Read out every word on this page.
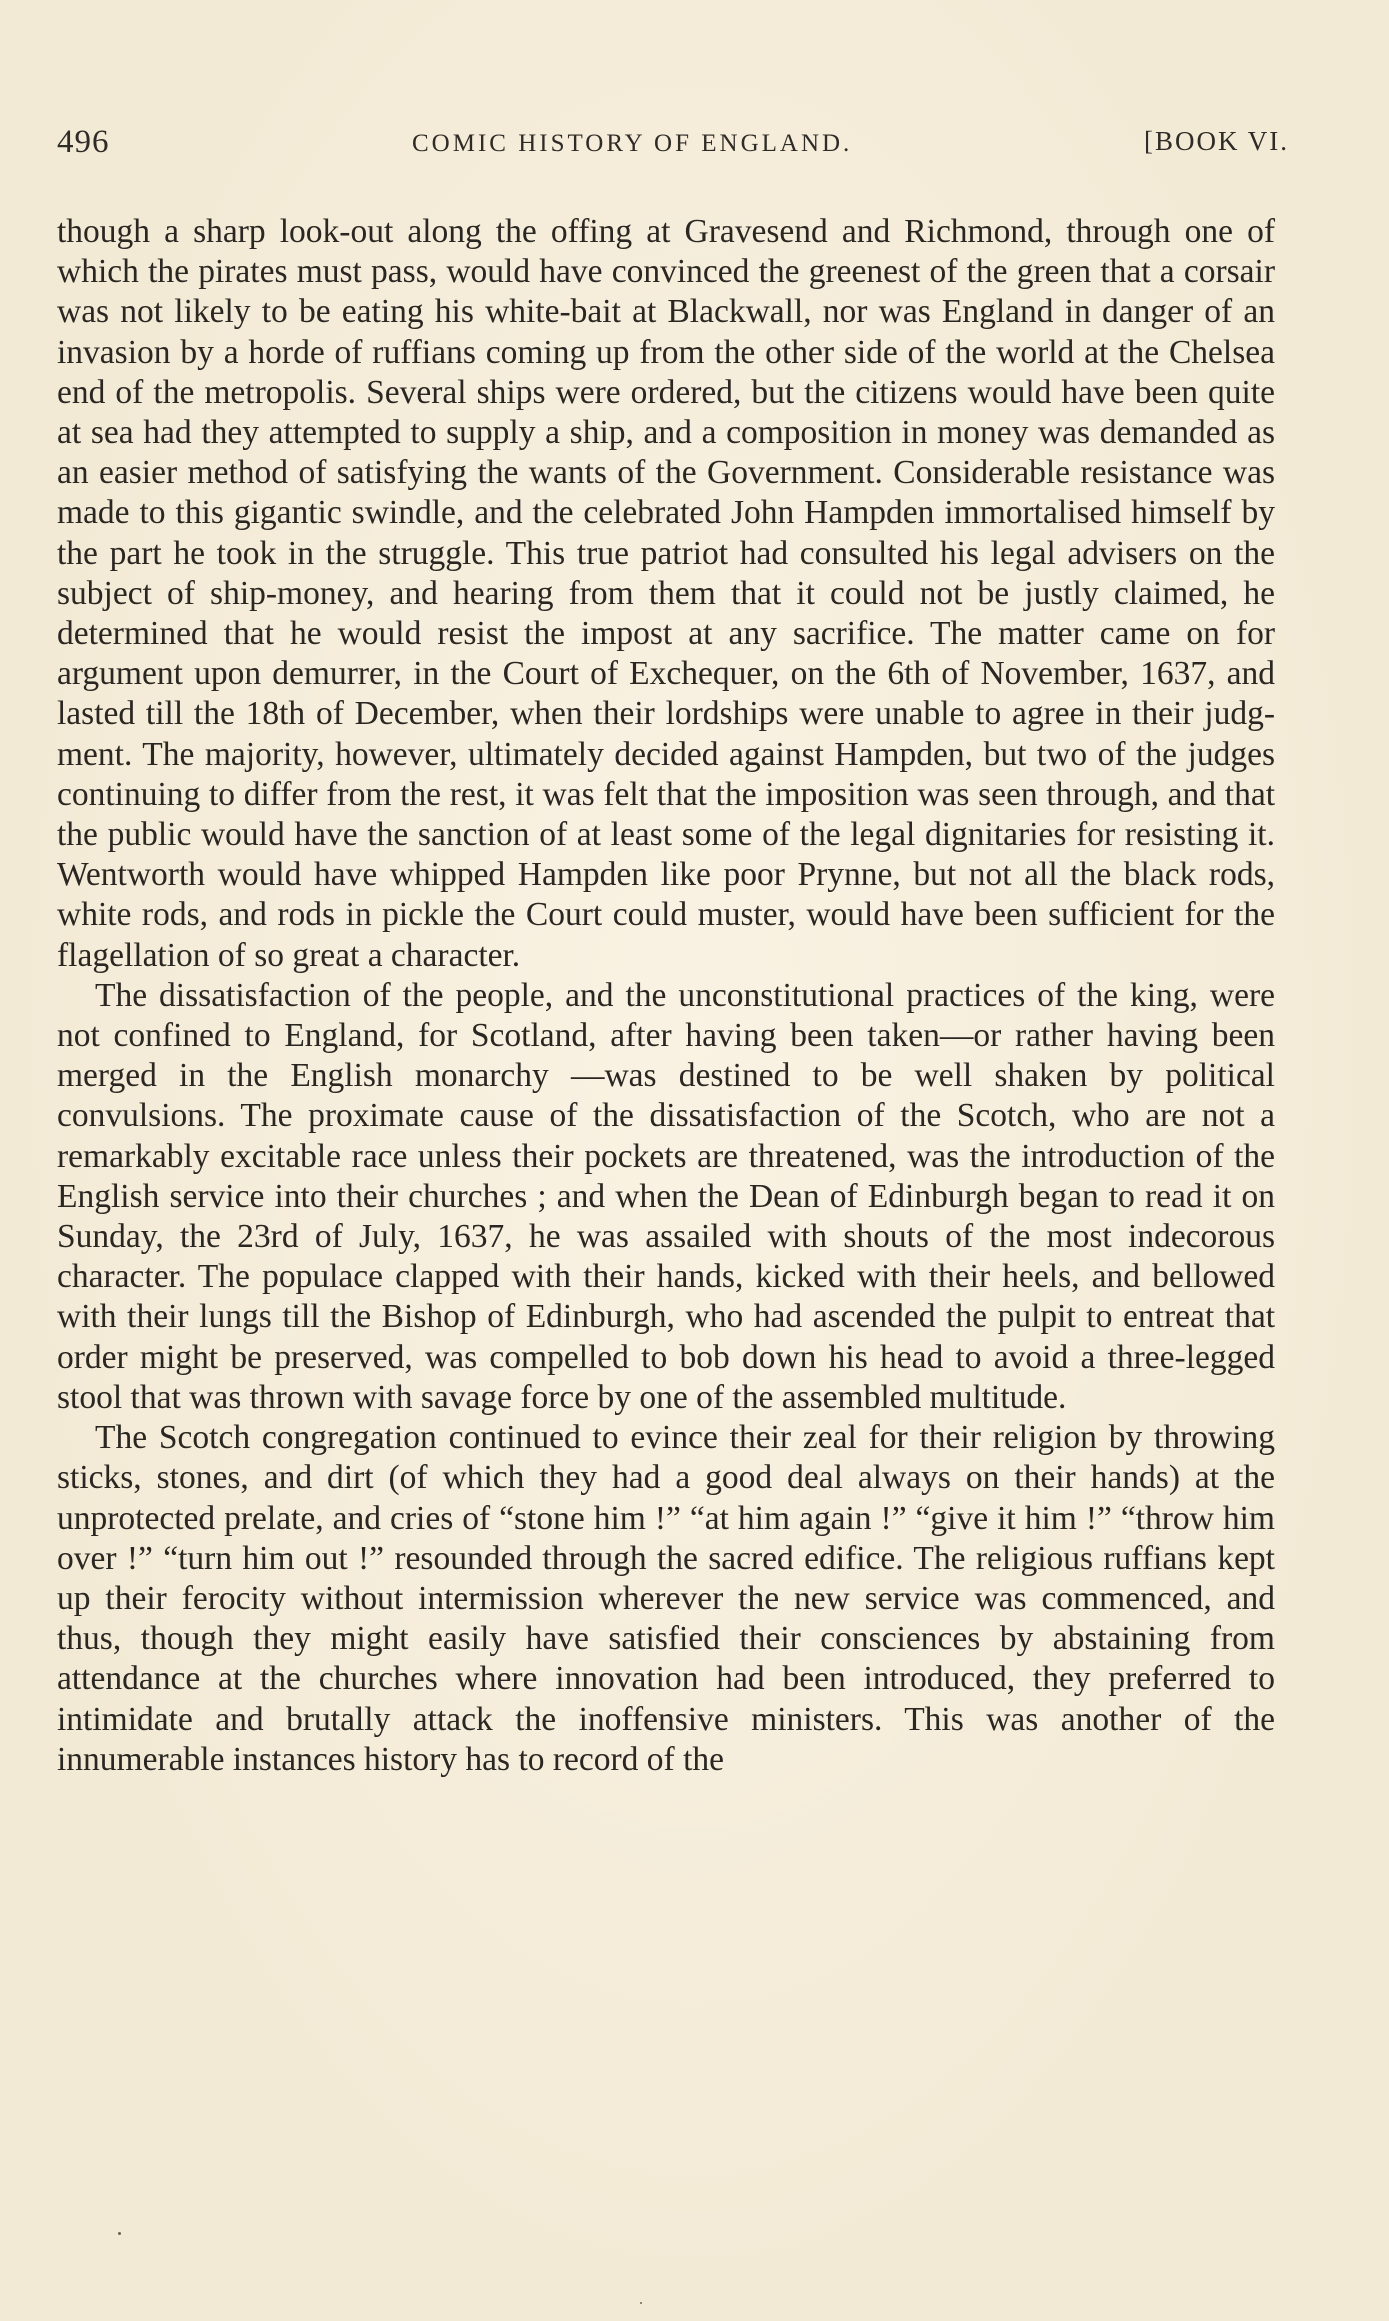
496	COMIC HISTORY OF ENGLAND.	[BOOK VI.

though a sharp look-out along the offing at Gravesend and Richmond, through one of which the pirates must pass, would have convinced the greenest of the green that a corsair was not likely to be eating his white-bait at Blackwall, nor was England in danger of an invasion by a horde of ruffians coming up from the other side of the world at the Chelsea end of the metropolis. Several ships were ordered, but the citizens would have been quite at sea had they attempted to supply a ship, and a composition in money was demanded as an easier method of satisfying the wants of the Government. Considerable resistance was made to this gigantic swindle, and the celebrated John Hampden immortalised himself by the part he took in the struggle. This true patriot had consulted his legal advisers on the subject of ship-money, and hearing from them that it could not be justly claimed, he determined that he would resist the impost at any sacrifice. The matter came on for argument upon demurrer, in the Court of Exchequer, on the 6th of November, 1637, and lasted till the 18th of December, when their lordships were unable to agree in their judgment. The majority, however, ultimately decided against Hampden, but two of the judges continuing to differ from the rest, it was felt that the imposition was seen through, and that the public would have the sanction of at least some of the legal dignitaries for resisting it. Wentworth would have whipped Hampden like poor Prynne, but not all the black rods, white rods, and rods in pickle the Court could muster, would have been sufficient for the flagellation of so great a character.

The dissatisfaction of the people, and the unconstitutional practices of the king, were not confined to England, for Scotland, after having been taken—or rather having been merged in the English monarchy —was destined to be well shaken by political convulsions. The proximate cause of the dissatisfaction of the Scotch, who are not a remarkably excitable race unless their pockets are threatened, was the introduction of the English service into their churches ; and when the Dean of Edinburgh began to read it on Sunday, the 23rd of July, 1637, he was assailed with shouts of the most indecorous character. The populace clapped with their hands, kicked with their heels, and bellowed with their lungs till the Bishop of Edinburgh, who had ascended the pulpit to entreat that order might be preserved, was compelled to bob down his head to avoid a three-legged stool that was thrown with savage force by one of the assembled multitude.

The Scotch congregation continued to evince their zeal for their religion by throwing sticks, stones, and dirt (of which they had a good deal always on their hands) at the unprotected prelate, and cries of “stone him !” “at him again !” “give it him !” “throw him over !” “turn him out !” resounded through the sacred edifice. The religious ruffians kept up their ferocity without intermission wherever the new service was commenced, and thus, though they might easily have satisfied their consciences by abstaining from attendance at the churches where innovation had been introduced, they preferred to intimidate and brutally attack the inoffensive ministers. This was another of the innumerable instances history has to record of the
